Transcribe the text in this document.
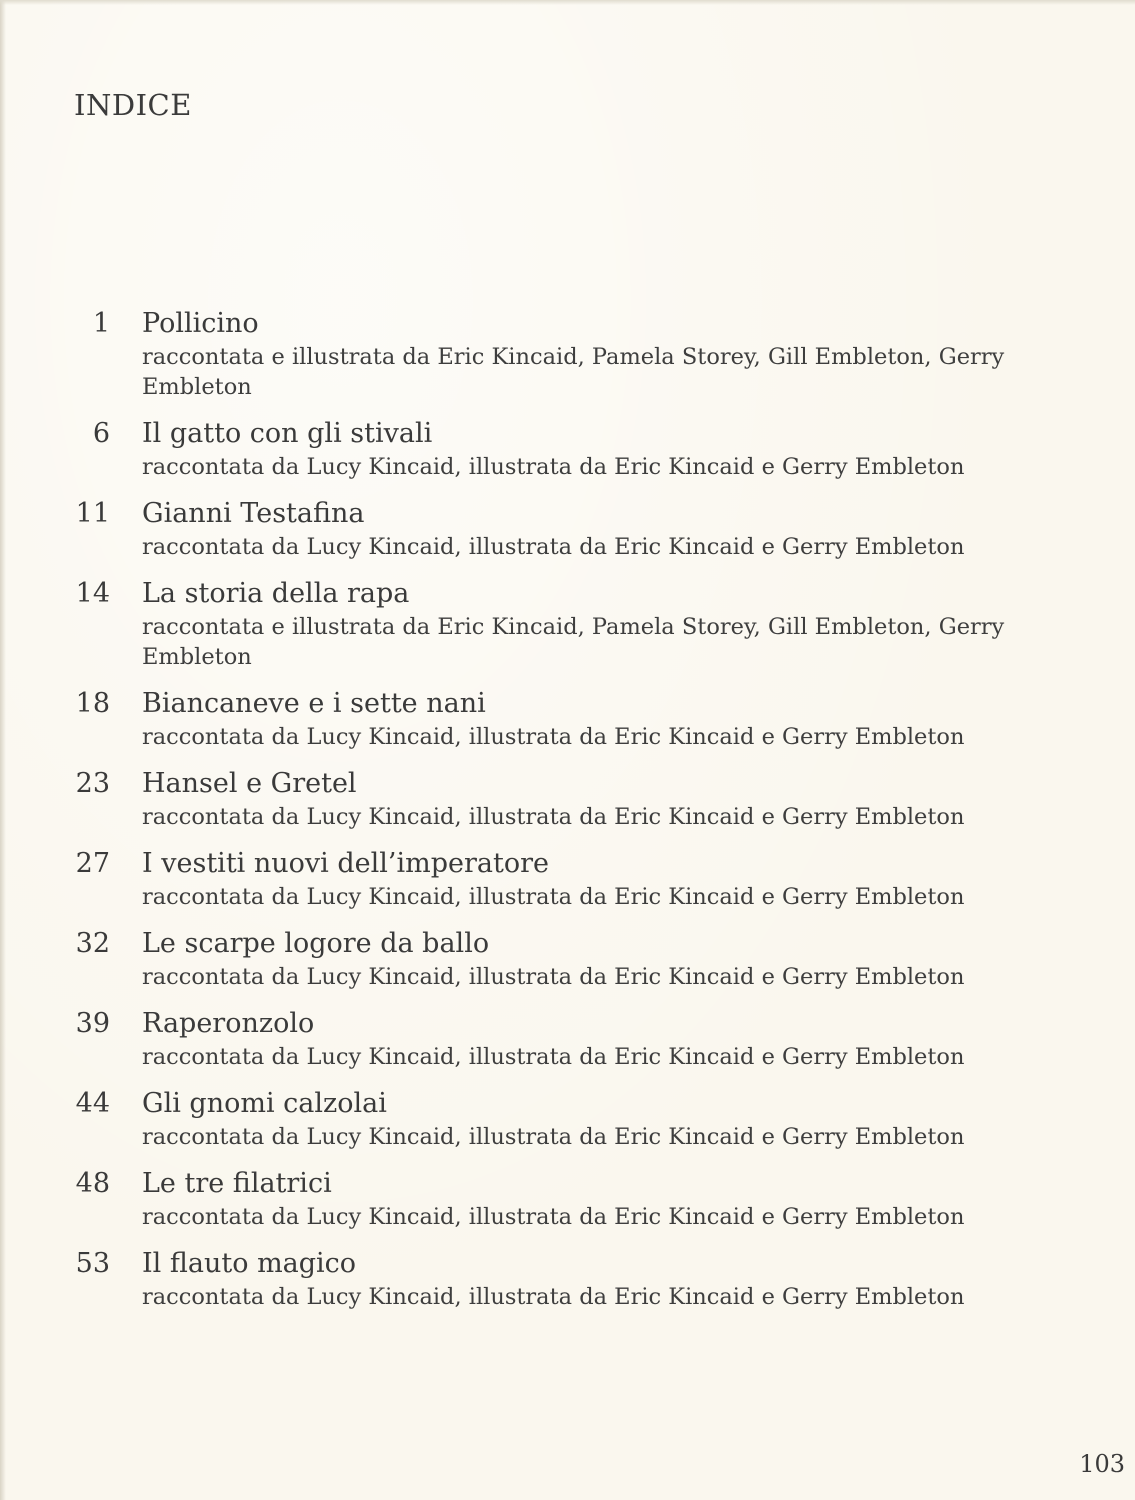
INDICE
1 Pollicino
raccontata e illustrata da Eric Kincaid, Pamela Storey, Gill Embleton, Gerry Embleton
6 Il gatto con gli stivali
raccontata da Lucy Kincaid, illustrata da Eric Kincaid e Gerry Embleton
11 Gianni Testafina
raccontata da Lucy Kincaid, illustrata da Eric Kincaid e Gerry Embleton
14 La storia della rapa
raccontata e illustrata da Eric Kincaid, Pamela Storey, Gill Embleton, Gerry Embleton
18 Biancaneve e i sette nani
raccontata da Lucy Kincaid, illustrata da Eric Kincaid e Gerry Embleton
23 Hansel e Gretel
raccontata da Lucy Kincaid, illustrata da Eric Kincaid e Gerry Embleton
27 I vestiti nuovi dell’imperatore
raccontata da Lucy Kincaid, illustrata da Eric Kincaid e Gerry Embleton
32 Le scarpe logore da ballo
raccontata da Lucy Kincaid, illustrata da Eric Kincaid e Gerry Embleton
39 Raperonzolo
raccontata da Lucy Kincaid, illustrata da Eric Kincaid e Gerry Embleton
44 Gli gnomi calzolai
raccontata da Lucy Kincaid, illustrata da Eric Kincaid e Gerry Embleton
48 Le tre filatrici
raccontata da Lucy Kincaid, illustrata da Eric Kincaid e Gerry Embleton
53 Il flauto magico
raccontata da Lucy Kincaid, illustrata da Eric Kincaid e Gerry Embleton
103
